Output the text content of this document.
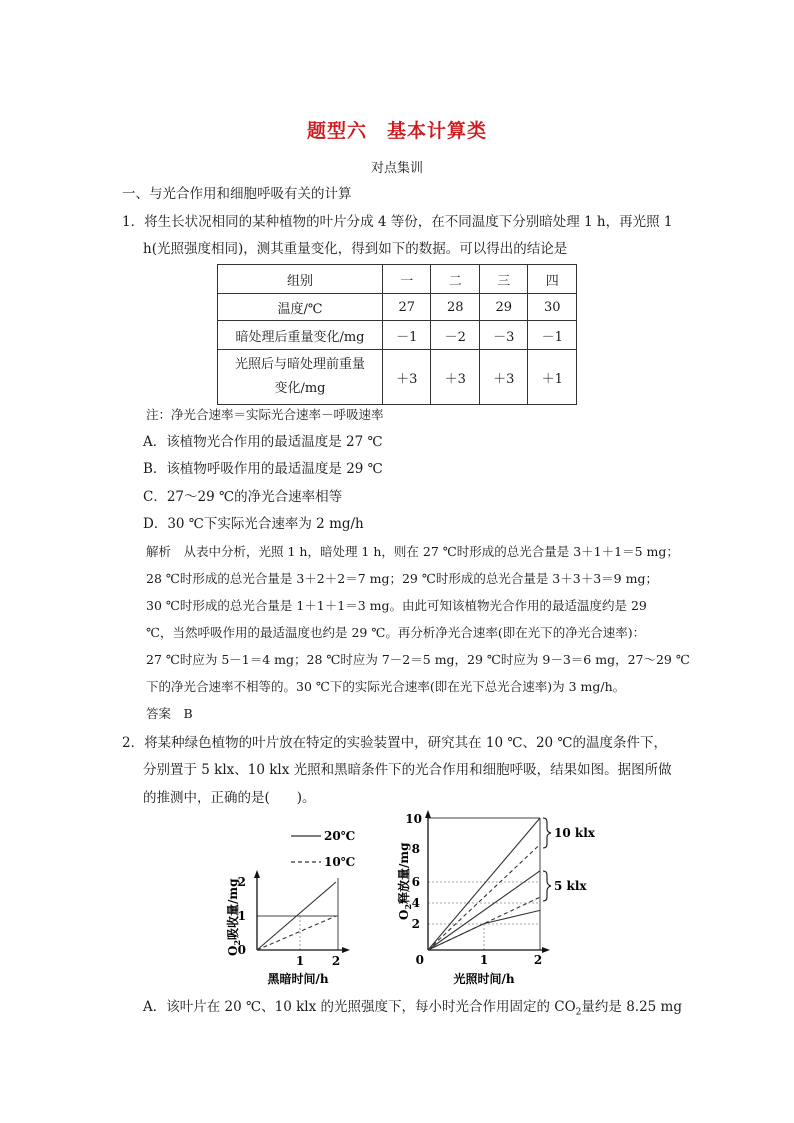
题型六　基本计算类
对点集训
一、与光合作用和细胞呼吸有关的计算
1．将生长状况相同的某种植物的叶片分成 4 等份，在不同温度下分别暗处理 1 h，再光照 1
h(光照强度相同)，测其重量变化，得到如下的数据。可以得出的结论是
组别	一	二	三	四
温度/℃	27	28	29	30
暗处理后重量变化/mg	－1	－2	－3	－1

光照后与暗处理前重量
变化/mg	＋3	＋3	＋3	＋1
注：净光合速率＝实际光合速率－呼吸速率
A．该植物光合作用的最适温度是 27 ℃
B．该植物呼吸作用的最适温度是 29 ℃
C．27～29 ℃的净光合速率相等
D．30 ℃下实际光合速率为 2 mg/h
解析　从表中分析，光照 1 h，暗处理 1 h，则在 27 ℃时形成的总光合量是 3＋1＋1＝5 mg；
28 ℃时形成的总光合量是 3＋2＋2＝7 mg；29 ℃时形成的总光合量是 3＋3＋3＝9 mg；
30 ℃时形成的总光合量是 1＋1＋1＝3 mg。由此可知该植物光合作用的最适温度约是 29
℃，当然呼吸作用的最适温度也约是 29 ℃。再分析净光合速率(即在光下的净光合速率)：
27 ℃时应为 5－1＝4 mg；28 ℃时应为 7－2＝5 mg，29 ℃时应为 9－3＝6 mg，27～29 ℃
下的净光合速率不相等的。30 ℃下的实际光合速率(即在光下总光合速率)为 3 mg/h。
答案　B
2．将某种绿色植物的叶片放在特定的实验装置中，研究其在 10 ℃、20 ℃的温度条件下，
分别置于 5 klx、10 klx 光照和黑暗条件下的光合作用和细胞呼吸，结果如图。据图所做
的推测中，正确的是(　　)。
20℃
10℃
0
1
2
1 2
黑暗时间/h
$O_2$吸收量/mg	2
4
6
8
10
0	1	2
光照时间/h
$O_2$释放量/mg
10 klx
5 klx
A．该叶片在 20 ℃、10 klx 的光照强度下，每小时光合作用固定的 $CO_2$量约是 8.25 mg
